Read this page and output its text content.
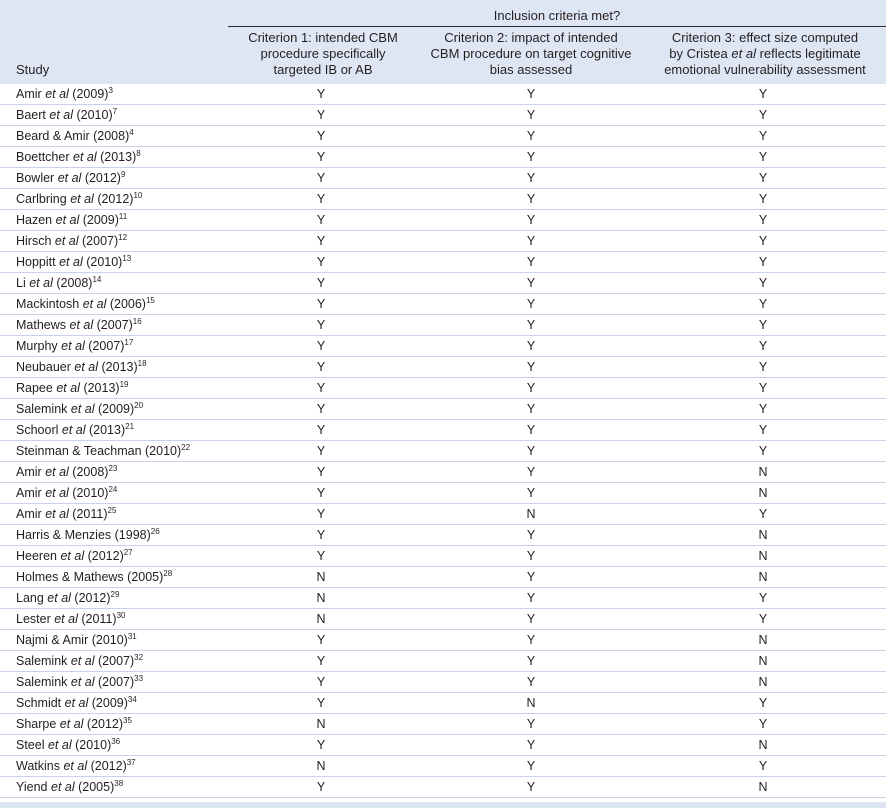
Inclusion criteria met?
Study
Criterion 1: intended CBM
procedure specifically
targeted IB or AB
Criterion 2: impact of intended
CBM procedure on target cognitive
bias assessed
Criterion 3: effect size computed
by Cristea et al reflects legitimate
emotional vulnerability assessment
Amir et al $(2009)^3$	Y	Y	Y
Baert et al $(2010)^7$	Y	Y	Y
Beard & Amir $(2008)^4$	Y	Y	Y
Boettcher et al $(2013)^8$	Y	Y	Y
Bowler et al $(2012)^9$	Y	Y	Y
Carlbring et al $(2012)^{10}$	Y	Y	Y
Hazen et al $(2009)^{11}$	Y	Y	Y
Hirsch et al $(2007)^{12}$	Y	Y	Y
Hoppitt et al $(2010)^{13}$	Y	Y	Y
Li et al $(2008)^{14}$	Y	Y	Y
Mackintosh et al $(2006)^{15}$	Y	Y	Y
Mathews et al $(2007)^{16}$	Y	Y	Y
Murphy et al $(2007)^{17}$	Y	Y	Y
Neubauer et al $(2013)^{18}$	Y	Y	Y
Rapee et al $(2013)^{19}$	Y	Y	Y
Salemink et al $(2009)^{20}$	Y	Y	Y
Schoorl et al $(2013)^{21}$	Y	Y	Y
Steinman & Teachman $(2010)^{22}$	Y	Y	Y
Amir et al $(2008)^{23}$	Y	Y	N
Amir et al $(2010)^{24}$	Y	Y	N
Amir et al $(2011)^{25}$	Y	N	Y
Harris & Menzies $(1998)^{26}$	Y	Y	N
Heeren et al $(2012)^{27}$	Y	Y	N
Holmes & Mathews $(2005)^{28}$	N	Y	N
Lang et al $(2012)^{29}$	N	Y	Y
Lester et al $(2011)^{30}$	N	Y	Y
Najmi & Amir $(2010)^{31}$	Y	Y	N
Salemink et al $(2007)^{32}$	Y	Y	N
Salemink et al $(2007)^{33}$	Y	Y	N
Schmidt et al $(2009)^{34}$	Y	N	Y
Sharpe et al $(2012)^{35}$	N	Y	Y
Steel et al $(2010)^{36}$	Y	Y	N
Watkins et al $(2012)^{37}$	N	Y	Y
Yiend et al $(2005)^{38}$	Y	Y	N
